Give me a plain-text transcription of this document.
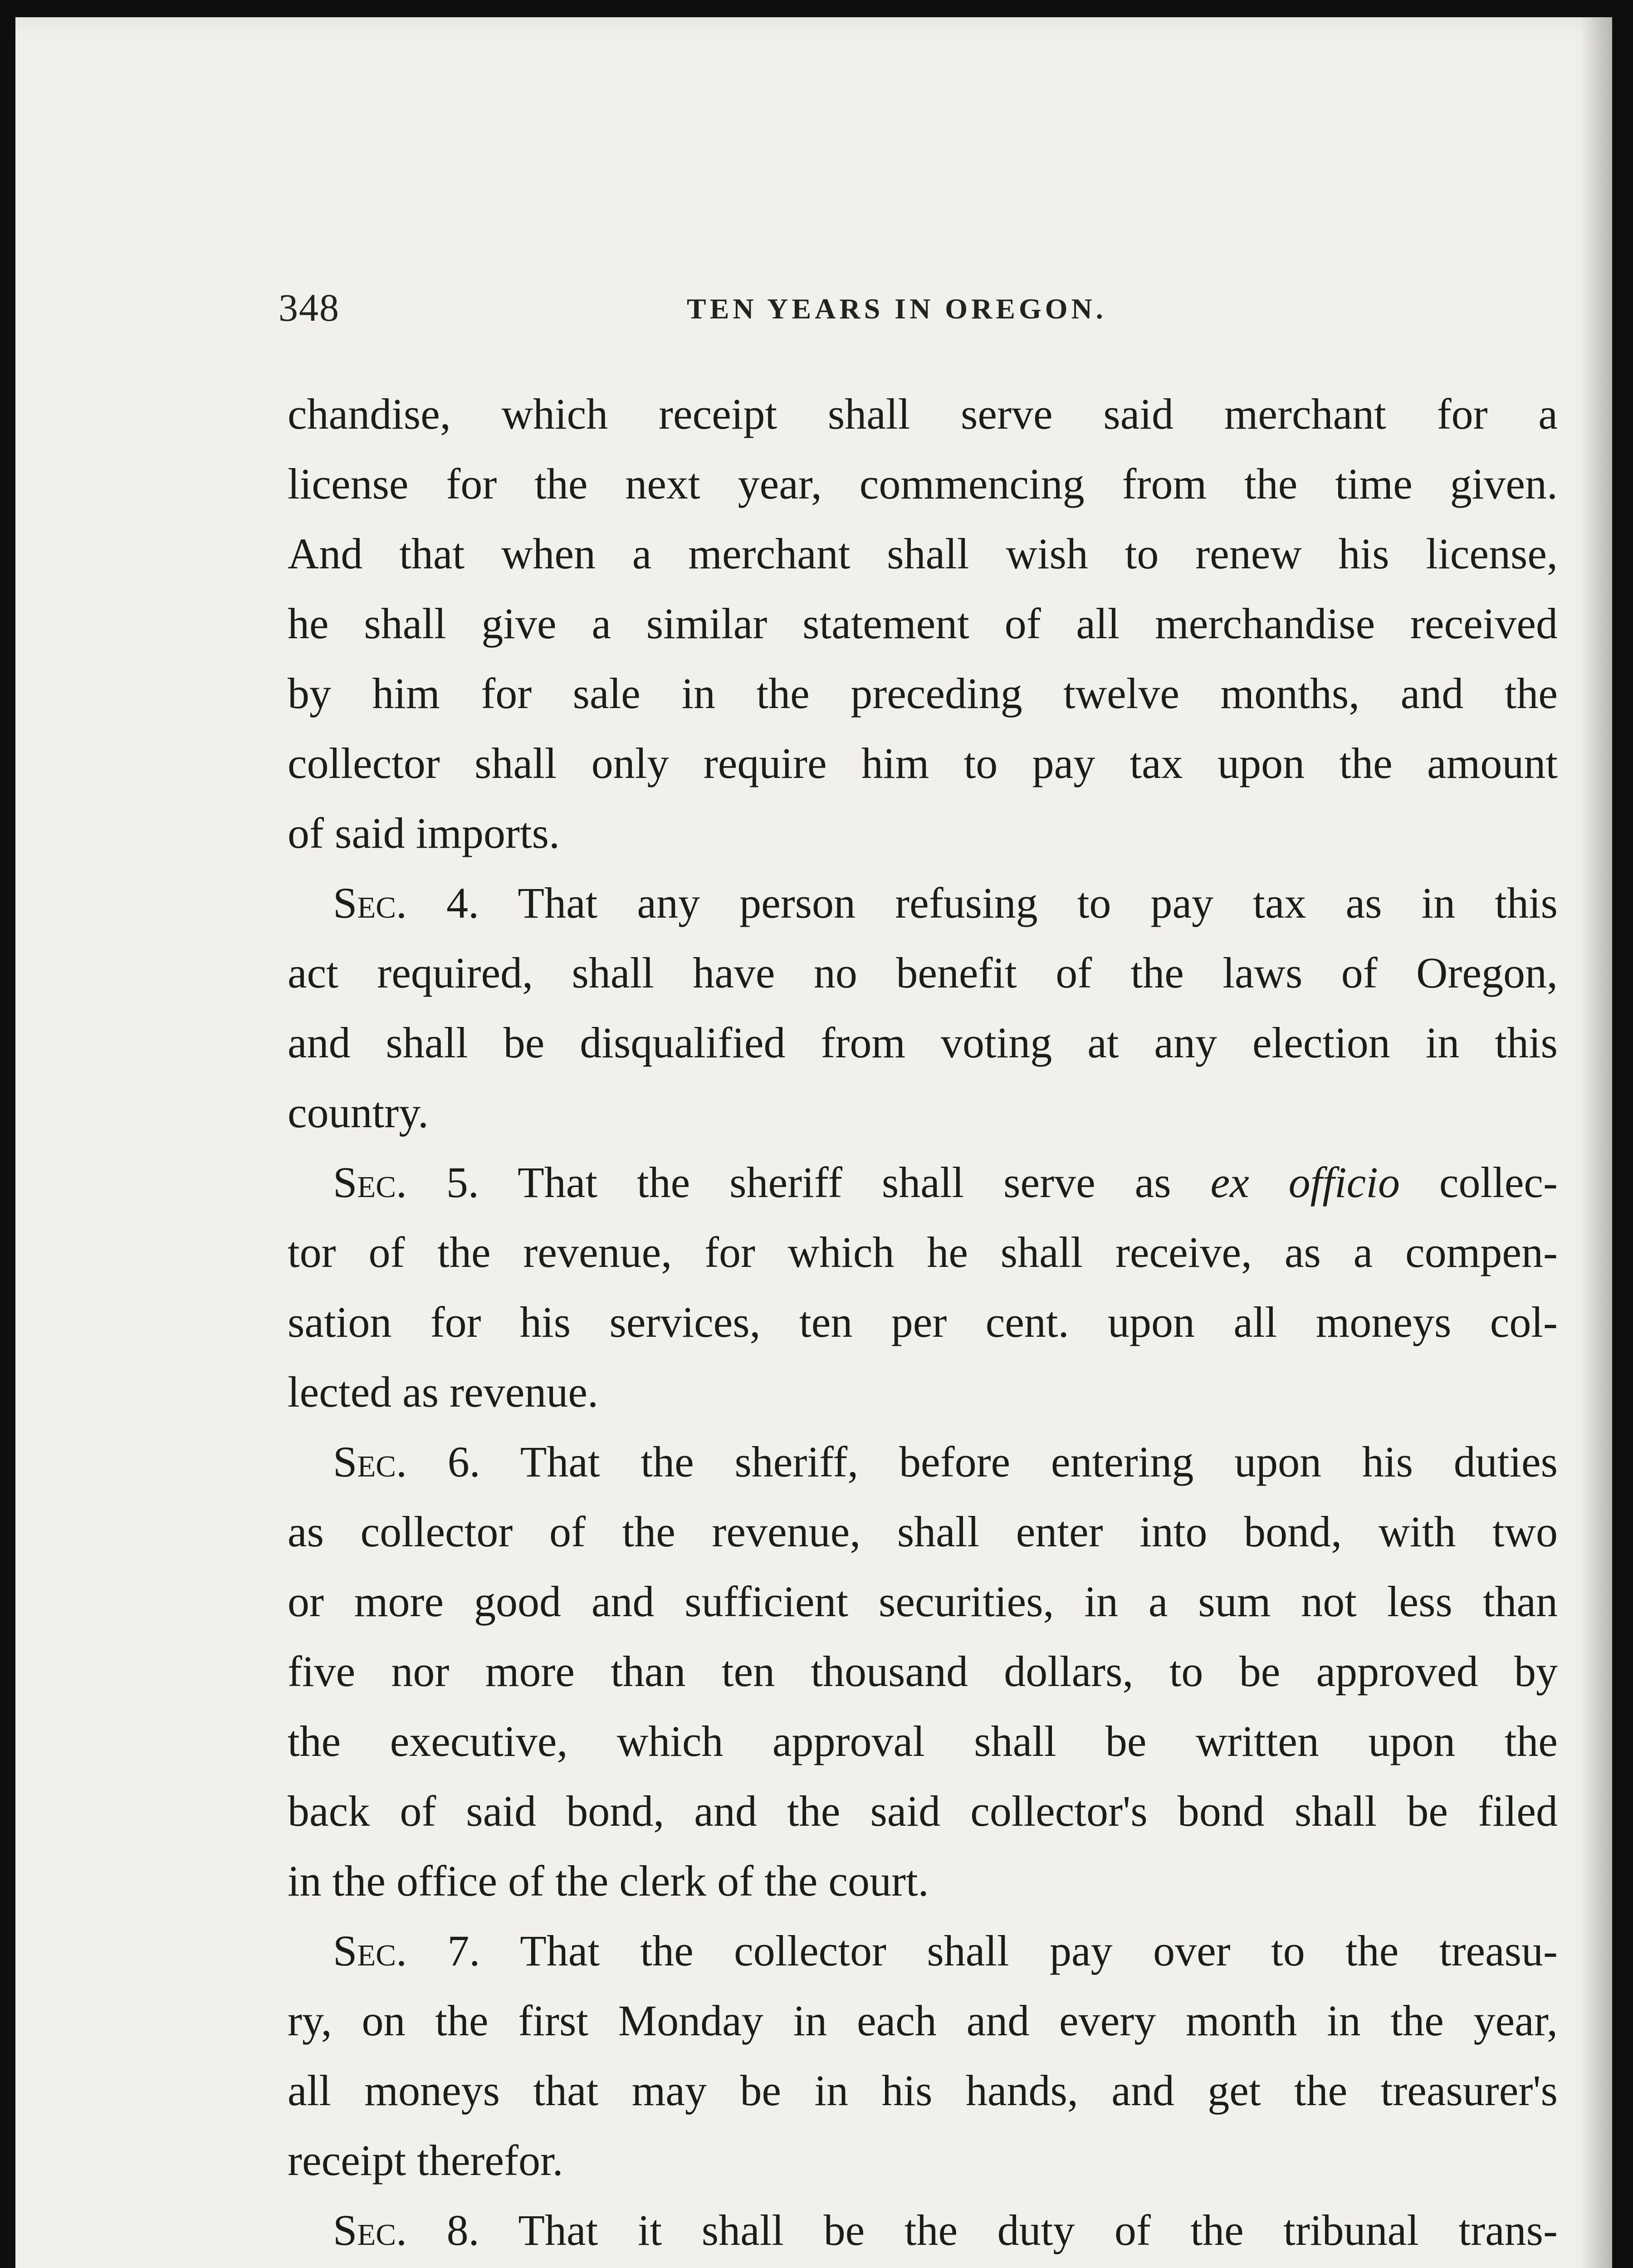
348	TEN YEARS IN OREGON.
chandise, which receipt shall serve said merchant for a
license for the next year, commencing from the time given.
And that when a merchant shall wish to renew his license,
he shall give a similar statement of all merchandise received
by him for sale in the preceding twelve months, and the
collector shall only require him to pay tax upon the amount
of said imports.
Sec. 4. That any person refusing to pay tax as in this
act required, shall have no benefit of the laws of Oregon,
and shall be disqualified from voting at any election in this
country.
Sec. 5. That the sheriff shall serve as ex officio collec-
tor of the revenue, for which he shall receive, as a compen-
sation for his services, ten per cent. upon all moneys col-
lected as revenue.
Sec. 6. That the sheriff, before entering upon his duties
as collector of the revenue, shall enter into bond, with two
or more good and sufficient securities, in a sum not less than
five nor more than ten thousand dollars, to be approved by
the executive, which approval shall be written upon the
back of said bond, and the said collector's bond shall be filed
in the office of the clerk of the court.
Sec. 7. That the collector shall pay over to the treasu-
ry, on the first Monday in each and every month in the year,
all moneys that may be in his hands, and get the treasurer's
receipt therefor.
Sec. 8. That it shall be the duty of the tribunal trans-
